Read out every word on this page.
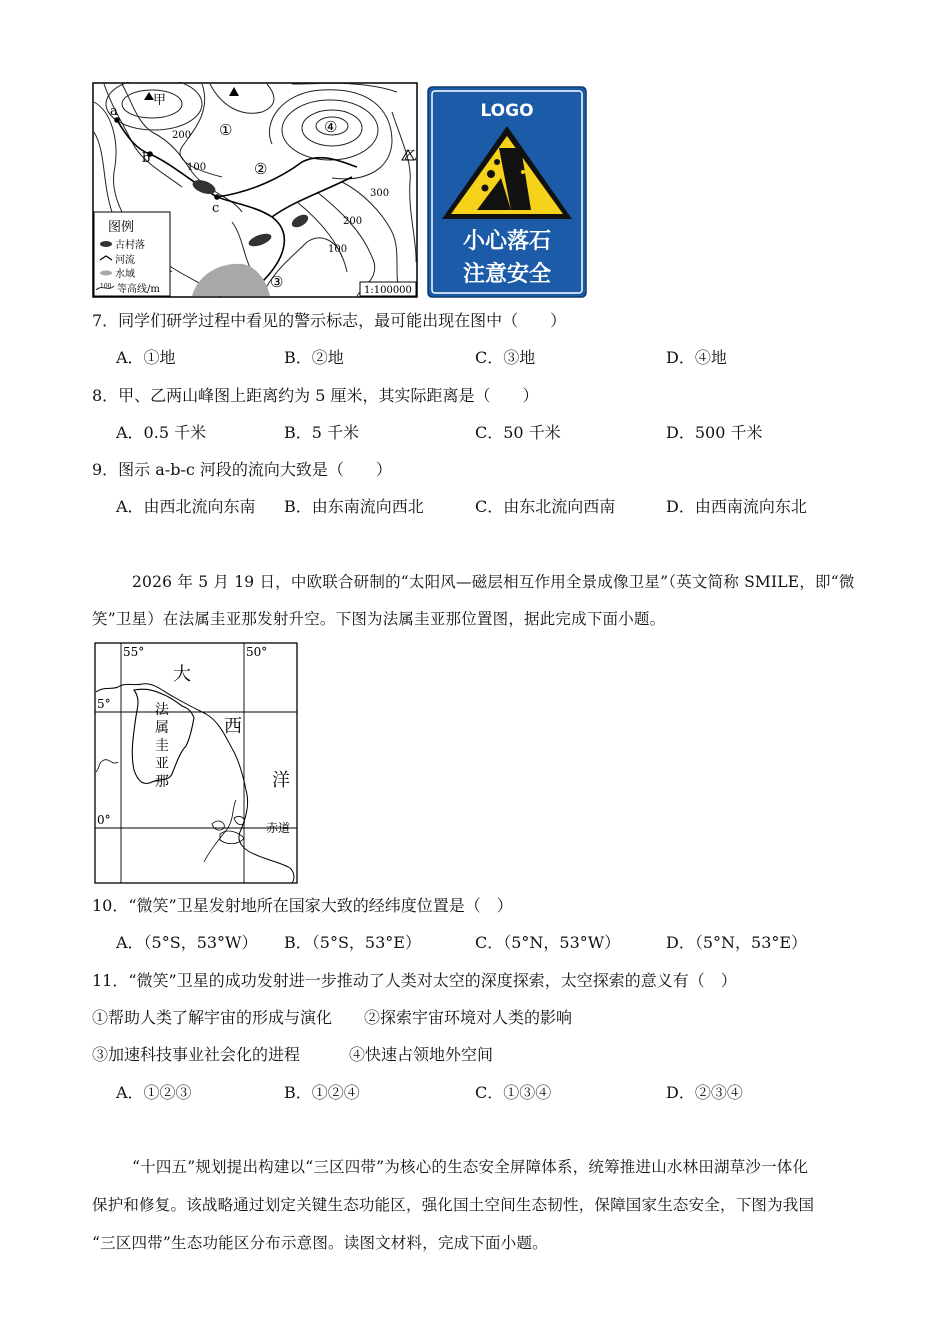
甲
乙
a
b
c
①
②
③
④
200
100
300
200
100
图例
古村落
河流
水域
100 等高线/m	1:100000
LOGO
小心落石
注意安全
7．同学们研学过程中看见的警示标志，最可能出现在图中（　　）
A．①地	B．②地	C．③地	D．④地
8．甲、乙两山峰图上距离约为 5 厘米，其实际距离是（　　）
A．0.5 千米	B．5 千米	C．50 千米	D．500 千米
9．图示 a-b-c 河段的流向大致是（　　）
A．由西北流向东南 B．由东南流向西北	C．由东北流向西南	D．由西南流向东北
2026 年 5 月 19 日，中欧联合研制的“太阳风—磁层相互作用全景成像卫星”（英文简称 SMILE，即“微
笑”卫星）在法属圭亚那发射升空。下图为法属圭亚那位置图，据此完成下面小题。
55°	50°
5°
0°
大
西
洋
法 属 圭 亚 那
赤道
10．“微笑”卫星发射地所在国家大致的经纬度位置是（　）
A．（5°S，53°W） B．（5°S，53°E）	C．（5°N，53°W）	D．（5°N，53°E）
11．“微笑”卫星的成功发射进一步推动了人类对太空的深度探索，太空探索的意义有（　）
①帮助人类了解宇宙的形成与演化 ②探索宇宙环境对人类的影响
③加速科技事业社会化的进程	④快速占领地外空间
A．①②③	B．①②④	C．①③④	D．②③④
“十四五”规划提出构建以“三区四带”为核心的生态安全屏障体系，统筹推进山水林田湖草沙一体化
保护和修复。该战略通过划定关键生态功能区，强化国土空间生态韧性，保障国家生态安全，下图为我国
“三区四带”生态功能区分布示意图。读图文材料，完成下面小题。
